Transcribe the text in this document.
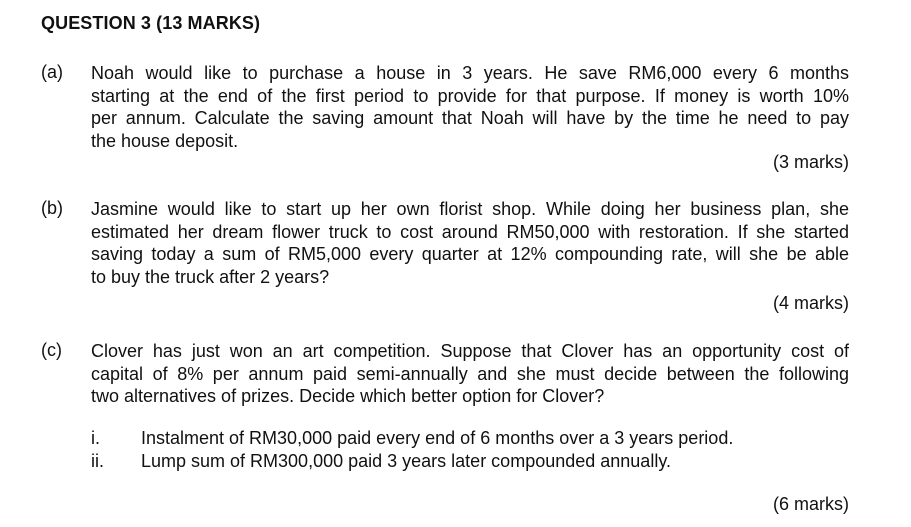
QUESTION 3 (13 MARKS)
(a) Noah would like to purchase a house in 3 years. He save RM6,000 every 6 months
starting at the end of the first period to provide for that purpose. If money is worth 10%
per annum. Calculate the saving amount that Noah will have by the time he need to pay
the house deposit.
(3 marks)
(b) Jasmine would like to start up her own florist shop. While doing her business plan, she
estimated her dream flower truck to cost around RM50,000 with restoration. If she started
saving today a sum of RM5,000 every quarter at 12% compounding rate, will she be able
to buy the truck after 2 years?
(4 marks)
(c) Clover has just won an art competition. Suppose that Clover has an opportunity cost of
capital of 8% per annum paid semi-annually and she must decide between the following
two alternatives of prizes. Decide which better option for Clover?
i. Instalment of RM30,000 paid every end of 6 months over a 3 years period.
ii. Lump sum of RM300,000 paid 3 years later compounded annually.
(6 marks)
